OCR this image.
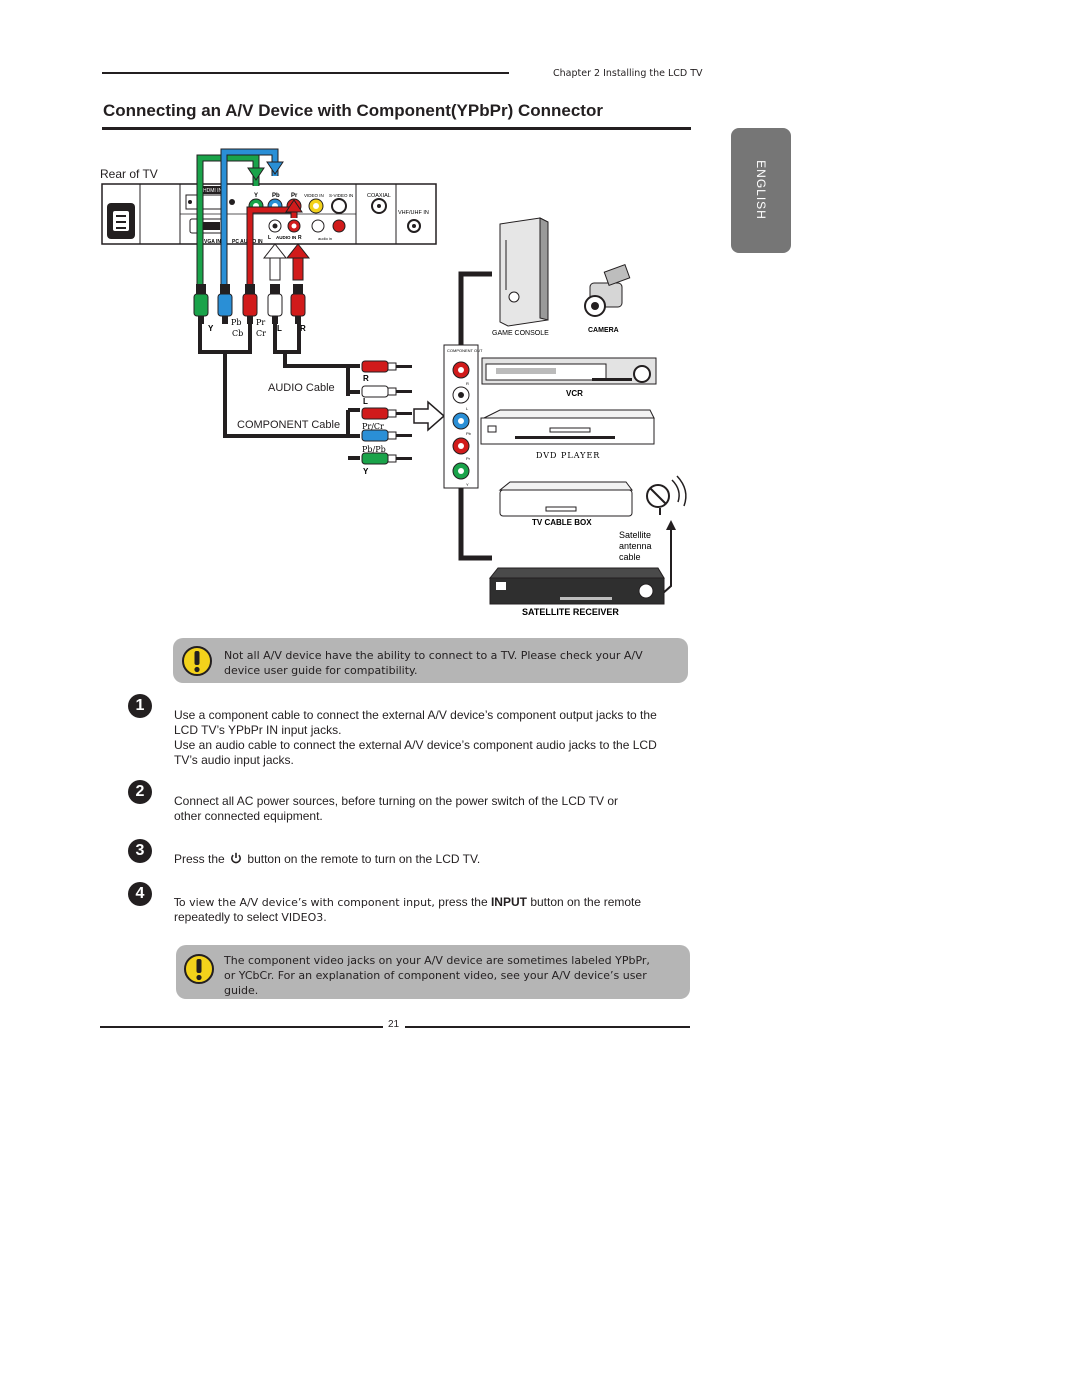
Chapter 2 Installing the LCD TV
Connecting an A/V Device with Component(YPbPr) Connector
ENGLISH
Rear of TV
HDMI IN
VGA IN PC AUDIO IN
Y Pb Pr VIDEO IN S-VIDEO IN
L AUDIO IN R	audio in
COAXIAL
VHF/UHF IN
Y
Pb
Cb
Pr
Cr
L R
R
L
Pr/Cr
Pb/Pb
Y
COMPONENT OUT
R
L
Pb
Pr
Y
GAME CONSOLE	CAMERA
VCR
DVD PLAYER
TV CABLE BOX
Satellite
antenna
cable
SATELLITE RECEIVER
AUDIO Cable
COMPONENT Cable
Not all A/V device have the ability to connect to a TV. Please check your A/V
device user guide for compatibility.
1
Use a component cable to connect the external A/V device’s component output jacks to the
LCD TV’s YPbPr IN input jacks.
Use an audio cable to connect the external A/V device’s component audio jacks to the LCD
TV’s audio input jacks.
2
Connect all AC power sources, before turning on the power switch of the LCD TV or
other connected equipment.
3	Press the button on the remote to turn on the LCD TV.
4
To view the A/V device’s with component input, press the INPUT button on the remote
repeatedly to select VIDEO3.
The component video jacks on your A/V device are sometimes labeled YPbPr,
or YCbCr. For an explanation of component video, see your A/V device’s user
guide.
21
